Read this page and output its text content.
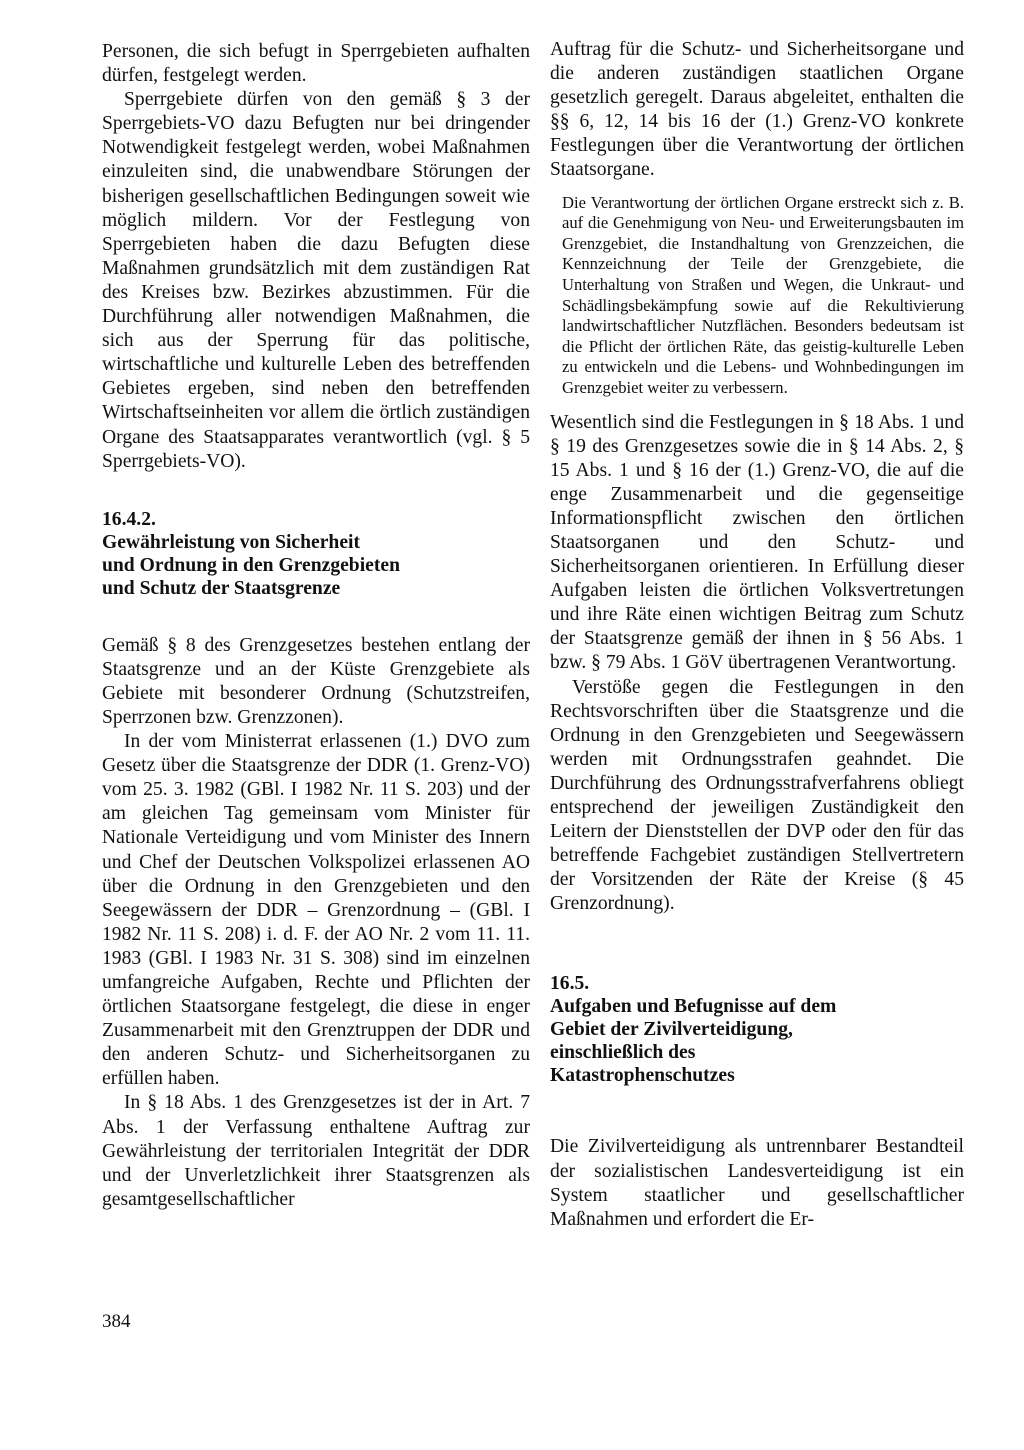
Personen, die sich befugt in Sperrgebieten aufhalten dürfen, festgelegt werden.

Sperrgebiete dürfen von den gemäß § 3 der Sperrgebiets-VO dazu Befugten nur bei dringender Notwendigkeit festgelegt werden, wobei Maßnahmen einzuleiten sind, die unabwendbare Störungen der bisherigen gesellschaftlichen Bedingungen soweit wie möglich mildern. Vor der Festlegung von Sperrgebieten haben die dazu Befugten diese Maßnahmen grundsätzlich mit dem zuständigen Rat des Kreises bzw. Bezirkes abzustimmen. Für die Durchführung aller notwendigen Maßnahmen, die sich aus der Sperrung für das politische, wirtschaftliche und kulturelle Leben des betreffenden Gebietes ergeben, sind neben den betreffenden Wirtschaftseinheiten vor allem die örtlich zuständigen Organe des Staatsapparates verantwortlich (vgl. § 5 Sperrgebiets-VO).

16.4.2.
Gewährleistung von Sicherheit
und Ordnung in den Grenzgebieten
und Schutz der Staatsgrenze

Gemäß § 8 des Grenzgesetzes bestehen entlang der Staatsgrenze und an der Küste Grenzgebiete als Gebiete mit besonderer Ordnung (Schutzstreifen, Sperrzonen bzw. Grenzzonen).

In der vom Ministerrat erlassenen (1.) DVO zum Gesetz über die Staatsgrenze der DDR (1. Grenz-VO) vom 25. 3. 1982 (GBl. I 1982 Nr. 11 S. 203) und der am gleichen Tag gemeinsam vom Minister für Nationale Verteidigung und vom Minister des Innern und Chef der Deutschen Volkspolizei erlassenen AO über die Ordnung in den Grenzgebieten und den Seegewässern der DDR – Grenzordnung – (GBl. I 1982 Nr. 11 S. 208) i. d. F. der AO Nr. 2 vom 11. 11. 1983 (GBl. I 1983 Nr. 31 S. 308) sind im einzelnen umfangreiche Aufgaben, Rechte und Pflichten der örtlichen Staatsorgane festgelegt, die diese in enger Zusammenarbeit mit den Grenztruppen der DDR und den anderen Schutz- und Sicherheitsorganen zu erfüllen haben.

In § 18 Abs. 1 des Grenzgesetzes ist der in Art. 7 Abs. 1 der Verfassung enthaltene Auftrag zur Gewährleistung der territorialen Integrität der DDR und der Unverletzlichkeit ihrer Staatsgrenzen als gesamtgesellschaftlicher

Auftrag für die Schutz- und Sicherheitsorgane und die anderen zuständigen staatlichen Organe gesetzlich geregelt. Daraus abgeleitet, enthalten die §§ 6, 12, 14 bis 16 der (1.) Grenz-VO konkrete Festlegungen über die Verantwortung der örtlichen Staatsorgane.

Die Verantwortung der örtlichen Organe erstreckt sich z. B. auf die Genehmigung von Neu- und Erweiterungsbauten im Grenzgebiet, die Instandhaltung von Grenzzeichen, die Kennzeichnung der Teile der Grenzgebiete, die Unterhaltung von Straßen und Wegen, die Unkraut- und Schädlingsbekämpfung sowie auf die Rekultivierung landwirtschaftlicher Nutzflächen. Besonders bedeutsam ist die Pflicht der örtlichen Räte, das geistig-kulturelle Leben zu entwickeln und die Lebens- und Wohnbedingungen im Grenzgebiet weiter zu verbessern.

Wesentlich sind die Festlegungen in § 18 Abs. 1 und § 19 des Grenzgesetzes sowie die in § 14 Abs. 2, § 15 Abs. 1 und § 16 der (1.) Grenz-VO, die auf die enge Zusammenarbeit und die gegenseitige Informationspflicht zwischen den örtlichen Staatsorganen und den Schutz- und Sicherheitsorganen orientieren. In Erfüllung dieser Aufgaben leisten die örtlichen Volksvertretungen und ihre Räte einen wichtigen Beitrag zum Schutz der Staatsgrenze gemäß der ihnen in § 56 Abs. 1 bzw. § 79 Abs. 1 GöV übertragenen Verantwortung.

Verstöße gegen die Festlegungen in den Rechtsvorschriften über die Staatsgrenze und die Ordnung in den Grenzgebieten und Seegewässern werden mit Ordnungsstrafen geahndet. Die Durchführung des Ordnungsstrafverfahrens obliegt entsprechend der jeweiligen Zuständigkeit den Leitern der Dienststellen der DVP oder den für das betreffende Fachgebiet zuständigen Stellvertretern der Vorsitzenden der Räte der Kreise (§ 45 Grenzordnung).

16.5.
Aufgaben und Befugnisse auf dem
Gebiet der Zivilverteidigung,
einschließlich des
Katastrophenschutzes

Die Zivilverteidigung als untrennbarer Bestandteil der sozialistischen Landesverteidigung ist ein System staatlicher und gesellschaftlicher Maßnahmen und erfordert die Er-

384
